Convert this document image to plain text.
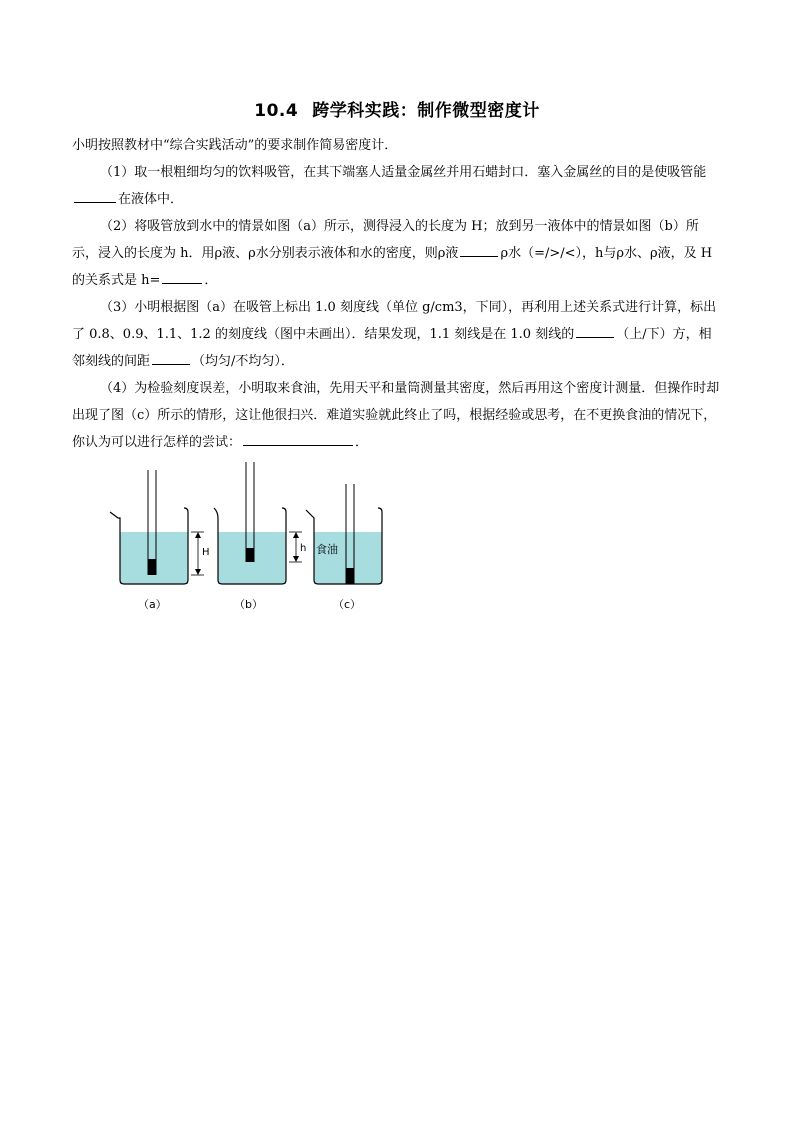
10.4 跨学科实践：制作微型密度计

小明按照教材中“综合实践活动”的要求制作简易密度计．

（1）取一根粗细均匀的饮料吸管，在其下端塞人适量金属丝并用石蜡封口．塞入金属丝的目的是使吸管能在液体中．

（2）将吸管放到水中的情景如图（a）所示，测得浸入的长度为 H；放到另一液体中的情景如图（b）所示，浸入的长度为 h．用ρ液、ρ水分别表示液体和水的密度，则ρ液	ρ水（=/>/<），h与ρ水、ρ液，及 H 的关系式是 h=	．

（3）小明根据图（a）在吸管上标出 1.0 刻度线（单位 g/cm3，下同），再利用上述关系式进行计算，标出了 0.8、0.9、1.1、1.2 的刻度线（图中未画出）．结果发现，1.1 刻线是在 1.0 刻线的	（上/下）方，相邻刻线的间距	（均匀/不均匀）．

（4）为检验刻度误差，小明取来食油，先用天平和量筒测量其密度，然后再用这个密度计测量．但操作时却出现了图（c）所示的情形，这让他很扫兴．难道实验就此终止了吗，根据经验或思考，在不更换食油的情况下，你认为可以进行怎样的尝试：	．

H
（a）
h
（b）
食油
（c）
